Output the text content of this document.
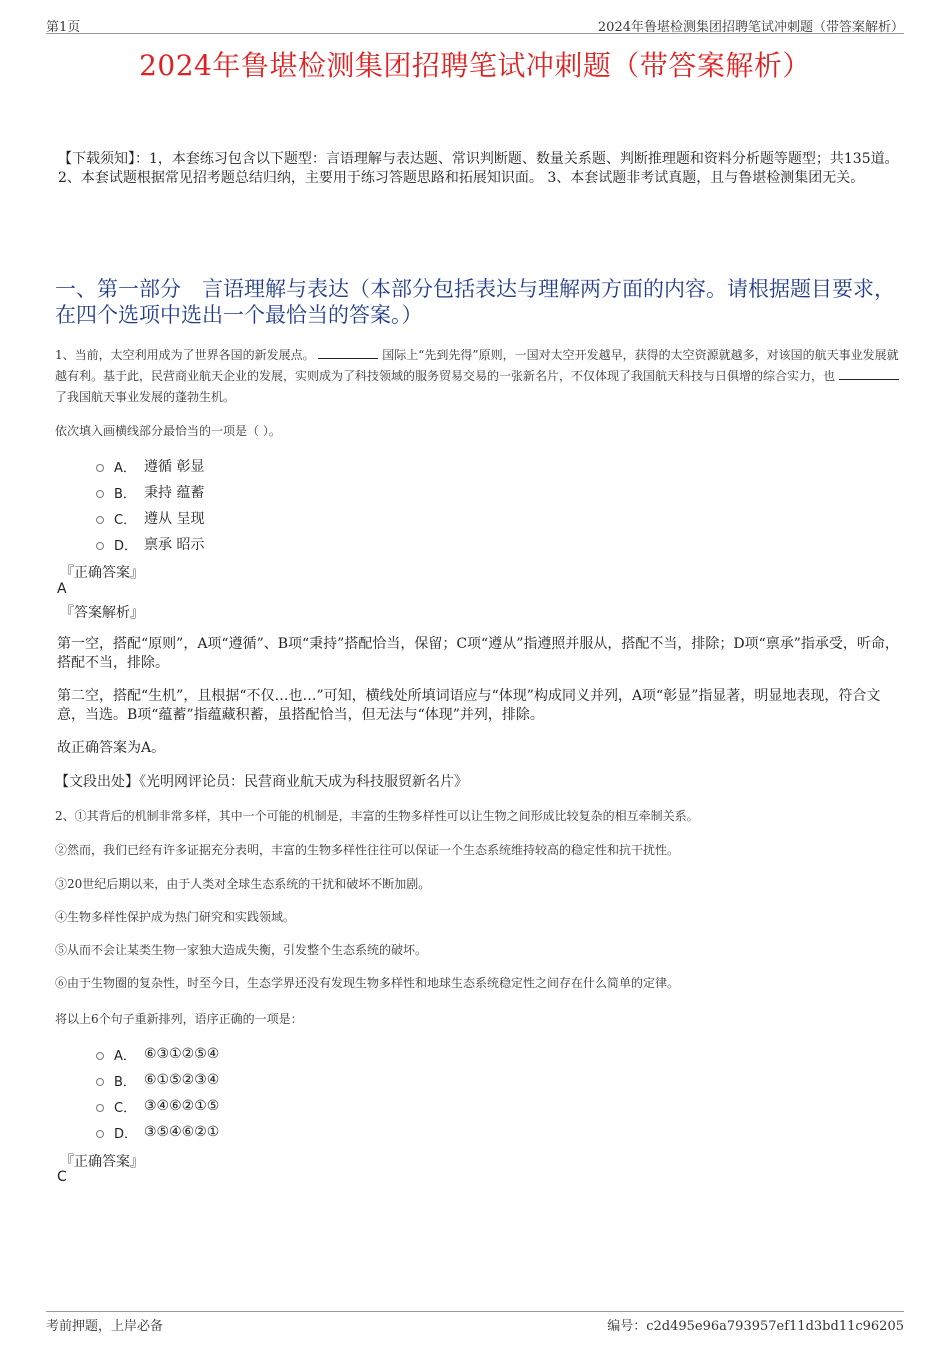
第1页	2024年鲁堪检测集团招聘笔试冲刺题（带答案解析）
2024年鲁堪检测集团招聘笔试冲刺题（带答案解析）
【下载须知】：1，本套练习包含以下题型：言语理解与表达题、常识判断题、数量关系题、判断推理题和资料分析题等题型；共135道。 2、本套试题根据常见招考题总结归纳，主要用于练习答题思路和拓展知识面。 3、本套试题非考试真题，且与鲁堪检测集团无关。
一、第一部分　言语理解与表达（本部分包括表达与理解两方面的内容。请根据题目要求，在四个选项中选出一个最恰当的答案。）
1、当前，太空利用成为了世界各国的新发展点。	国际上“先到先得”原则，一国对太空开发越早，获得的太空资源就越多，对该国的航天事业发展就越有利。基于此，民营商业航天企业的发展，实则成为了科技领域的服务贸易交易的一张新名片，不仅体现了我国航天科技与日俱增的综合实力，也  了我国航天事业发展的蓬勃生机。
依次填入画横线部分最恰当的一项是（ ）。
A． 遵循 彰显
B． 秉持 蕴蓄
C． 遵从 呈现
D． 禀承 昭示
『正确答案』
A
『答案解析』
第一空，搭配“原则”，A项“遵循”、B项“秉持”搭配恰当，保留；C项“遵从”指遵照并服从，搭配不当，排除；D项“禀承”指承受，听命，搭配不当，排除。
第二空，搭配“生机”，且根据“不仅…也…”可知，横线处所填词语应与“体现”构成同义并列，A项“彰显”指显著，明显地表现，符合文意，当选。B项“蕴蓄”指蕴藏积蓄，虽搭配恰当，但无法与“体现”并列，排除。
故正确答案为A。
【文段出处】《光明网评论员：民营商业航天成为科技服贸新名片》
2、①其背后的机制非常多样，其中一个可能的机制是，丰富的生物多样性可以让生物之间形成比较复杂的相互牵制关系。
②然而，我们已经有许多证据充分表明，丰富的生物多样性往往可以保证一个生态系统维持较高的稳定性和抗干扰性。
③20世纪后期以来，由于人类对全球生态系统的干扰和破坏不断加剧。
④生物多样性保护成为热门研究和实践领域。
⑤从而不会让某类生物一家独大造成失衡，引发整个生态系统的破坏。
⑥由于生物圈的复杂性，时至今日，生态学界还没有发现生物多样性和地球生态系统稳定性之间存在什么简单的定律。
将以上6个句子重新排列，语序正确的一项是：
A． ⑥③①②⑤④
B． ⑥①⑤②③④
C． ③④⑥②①⑤
D． ③⑤④⑥②①
『正确答案』
C
考前押题，上岸必备	编号：c2d495e96a793957ef11d3bd11c96205
